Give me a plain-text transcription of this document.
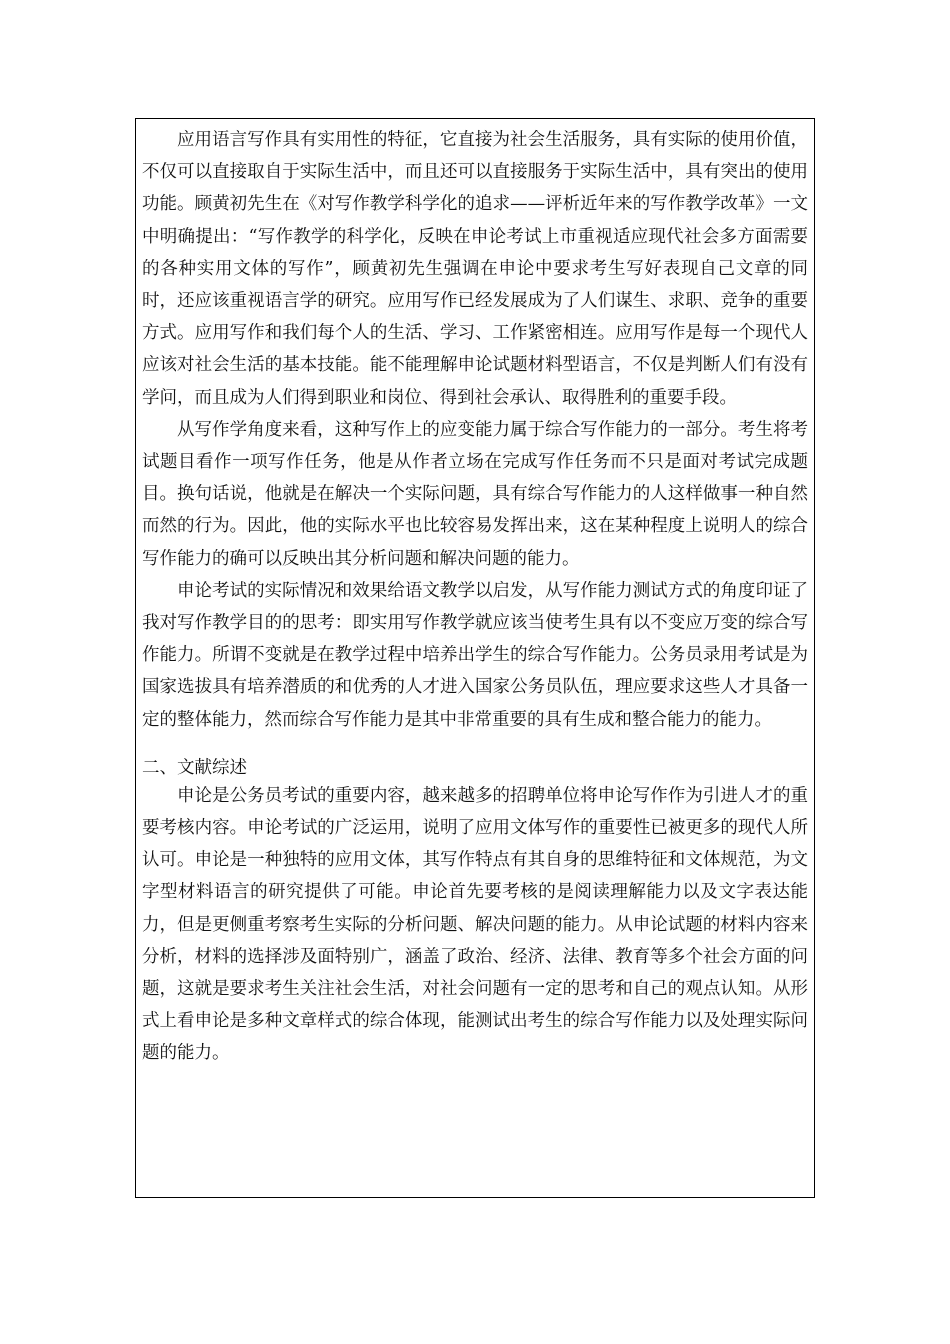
应用语言写作具有实用性的特征，它直接为社会生活服务，具有实际的使用价值，不仅可以直接取自于实际生活中，而且还可以直接服务于实际生活中，具有突出的使用功能。顾黄初先生在《对写作教学科学化的追求——评析近年来的写作教学改革》一文中明确提出：“写作教学的科学化，反映在申论考试上市重视适应现代社会多方面需要的各种实用文体的写作”，顾黄初先生强调在申论中要求考生写好表现自己文章的同时，还应该重视语言学的研究。应用写作已经发展成为了人们谋生、求职、竞争的重要方式。应用写作和我们每个人的生活、学习、工作紧密相连。应用写作是每一个现代人应该对社会生活的基本技能。能不能理解申论试题材料型语言，不仅是判断人们有没有学问，而且成为人们得到职业和岗位、得到社会承认、取得胜利的重要手段。

从写作学角度来看，这种写作上的应变能力属于综合写作能力的一部分。考生将考试题目看作一项写作任务，他是从作者立场在完成写作任务而不只是面对考试完成题目。换句话说，他就是在解决一个实际问题，具有综合写作能力的人这样做事一种自然而然的行为。因此，他的实际水平也比较容易发挥出来，这在某种程度上说明人的综合写作能力的确可以反映出其分析问题和解决问题的能力。

申论考试的实际情况和效果给语文教学以启发，从写作能力测试方式的角度印证了我对写作教学目的的思考：即实用写作教学就应该当使考生具有以不变应万变的综合写作能力。所谓不变就是在教学过程中培养出学生的综合写作能力。公务员录用考试是为国家选拔具有培养潜质的和优秀的人才进入国家公务员队伍，理应要求这些人才具备一定的整体能力，然而综合写作能力是其中非常重要的具有生成和整合能力的能力。

二、文献综述

申论是公务员考试的重要内容，越来越多的招聘单位将申论写作作为引进人才的重要考核内容。申论考试的广泛运用，说明了应用文体写作的重要性已被更多的现代人所认可。申论是一种独特的应用文体，其写作特点有其自身的思维特征和文体规范，为文字型材料语言的研究提供了可能。申论首先要考核的是阅读理解能力以及文字表达能力，但是更侧重考察考生实际的分析问题、解决问题的能力。从申论试题的材料内容来分析，材料的选择涉及面特别广，涵盖了政治、经济、法律、教育等多个社会方面的问题，这就是要求考生关注社会生活，对社会问题有一定的思考和自己的观点认知。从形式上看申论是多种文章样式的综合体现，能测试出考生的综合写作能力以及处理实际问题的能力。
